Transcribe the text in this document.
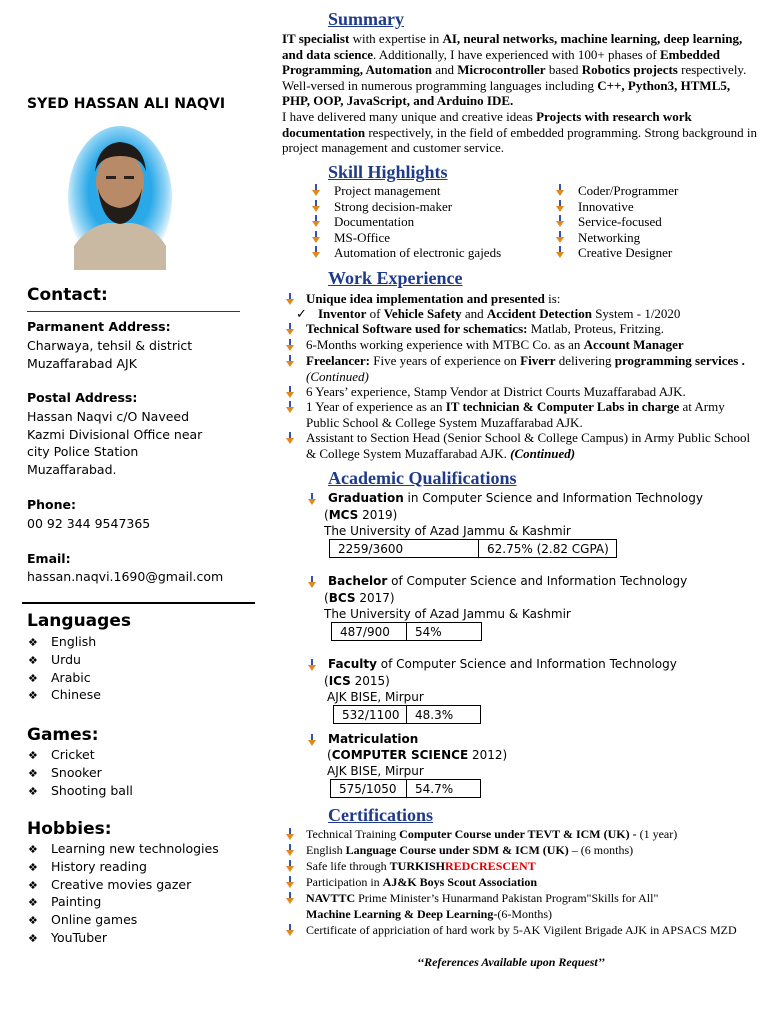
SYED HASSAN ALI NAQVI
Contact:
Parmanent Address:
Charwaya, tehsil & district
Muzaffarabad AJK
Postal Address:
Hassan Naqvi c/O Naveed
Kazmi Divisional Office near
city Police Station
Muzaffarabad.
Phone:
00 92 344 9547365
Email:
hassan.naqvi.1690@gmail.com
Languages
❖ English
❖ Urdu
❖ Arabic
❖ Chinese
Games:
❖ Cricket
❖ Snooker
❖ Shooting ball
Hobbies:
❖ Learning new technologies
❖ History reading
❖ Creative movies gazer
❖ Painting
❖ Online games
❖ YouTuber
Summary
IT specialist with expertise in AI, neural networks, machine learning, deep learning, and data science. Additionally, I have experienced with 100+ phases of Embedded Programming, Automation and Microcontroller based Robotics projects respectively. Well-versed in numerous programming languages including C++, Python3, HTML5, PHP, OOP, JavaScript, and Arduino IDE.
I have delivered many unique and creative ideas Projects with research work documentation respectively, in the field of embedded programming. Strong background in project management and customer service.
Skill Highlights
Project management
Strong decision-maker
Documentation
MS-Office
Automation of electronic gajeds
Coder/Programmer
Innovative
Service-focused
Networking
Creative Designer
Work Experience
Unique idea implementation and presented is:
✓ Inventor of Vehicle Safety and Accident Detection System - 1/2020
Technical Software used for schematics: Matlab, Proteus, Fritzing.
6-Months working experience with MTBC Co. as an Account Manager
Freelancer: Five years of experience on Fiverr delivering programming services .(Continued)
6 Years’ experience, Stamp Vendor at District Courts Muzaffarabad AJK.
1 Year of experience as an IT technician & Computer Labs in charge at Army Public School & College System Muzaffarabad AJK.
Assistant to Section Head (Senior School & College Campus) in Army Public School & College System Muzaffarabad AJK. (Continued)
Academic Qualifications
Graduation in Computer Science and Information Technology
(MCS 2019)
The University of Azad Jammu & Kashmir
2259/3600	62.75% (2.82 CGPA)
Bachelor of Computer Science and Information Technology
(BCS 2017)
The University of Azad Jammu & Kashmir
487/900	54%
Faculty of Computer Science and Information Technology
(ICS 2015)
AJK BISE, Mirpur
532/1100	48.3%
Matriculation
(COMPUTER SCIENCE 2012)
AJK BISE, Mirpur
575/1050	54.7%
Certifications
Technical Training Computer Course under TEVT & ICM (UK) - (1 year)
English Language Course under SDM & ICM (UK) – (6 months)
Safe life through TURKISHREDCRESCENT
Participation in AJ&K Boys Scout Association
NAVTTC Prime Minister’s Hunarmand Pakistan Program"Skills for All"
Machine Learning & Deep Learning-(6-Months)
Certificate of appriciation of hard work by 5-AK Vigilent Brigade AJK in APSACS MZD
‘‘References Available upon Request’’
